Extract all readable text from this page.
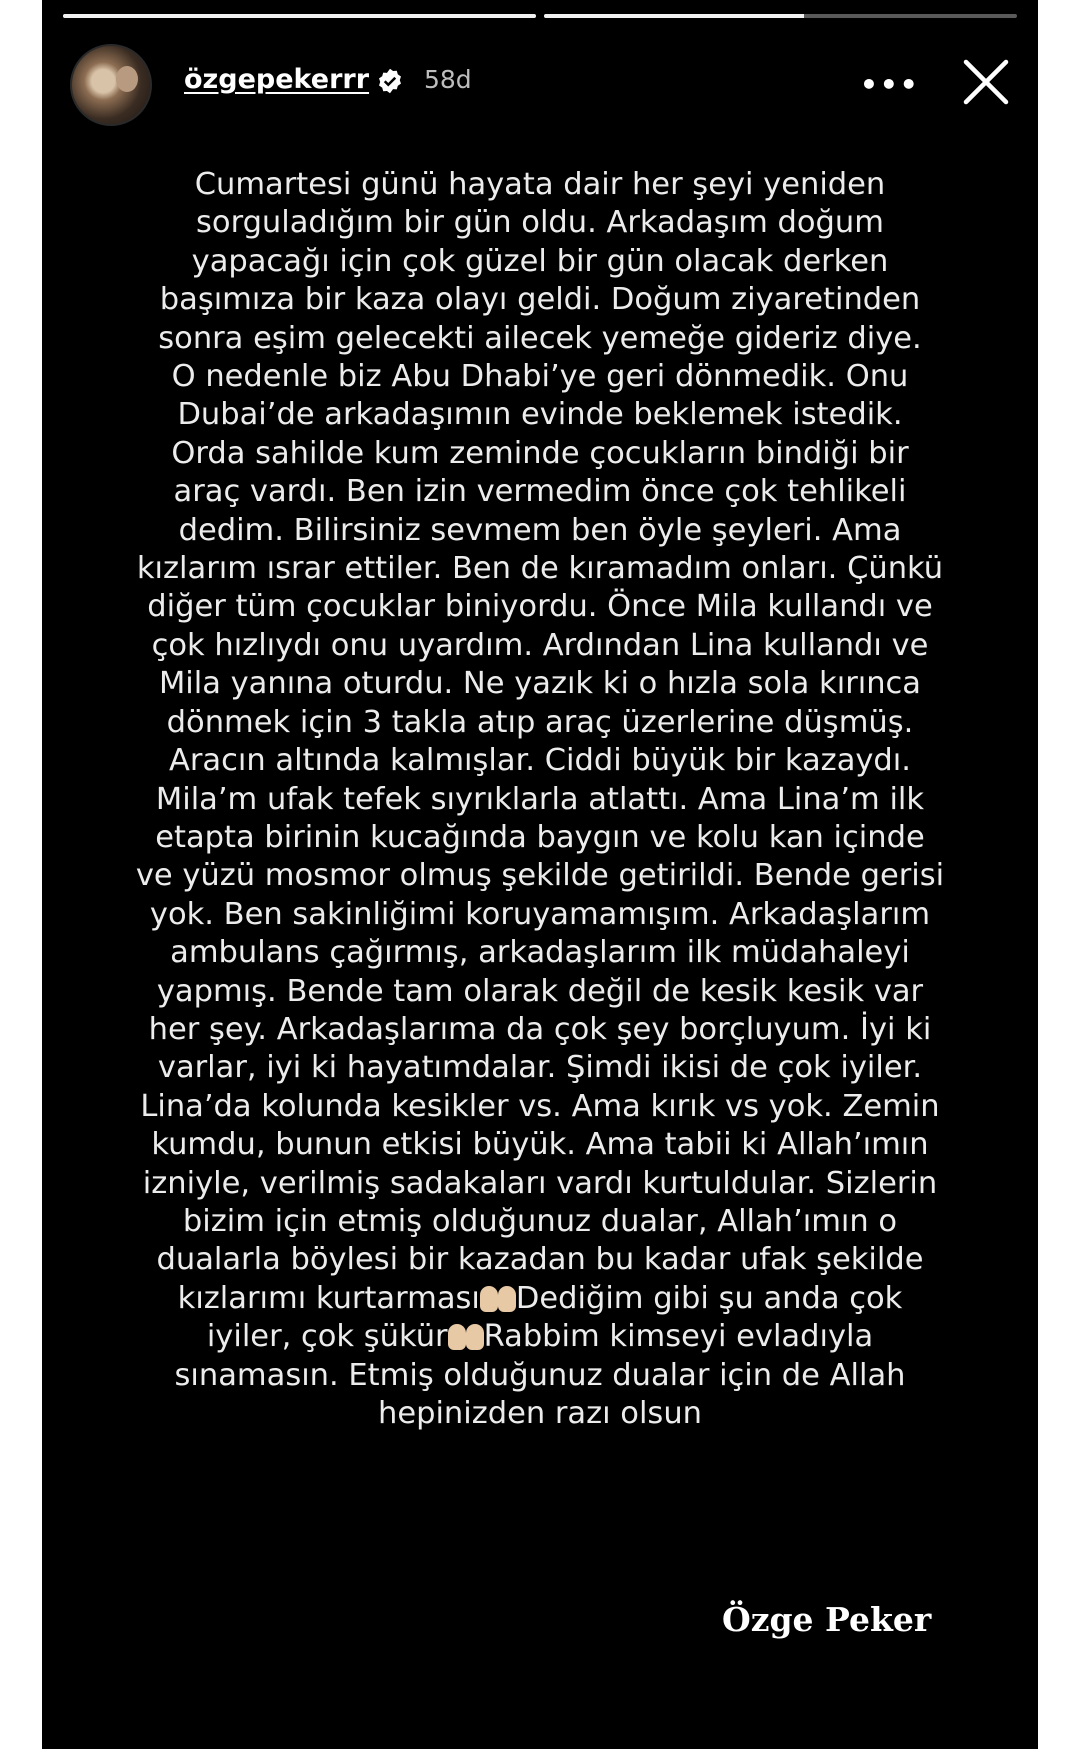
özgepekerrr 58d	•••
Cumartesi günü hayata dair her şeyi yeniden
sorguladığım bir gün oldu. Arkadaşım doğum
yapacağı için çok güzel bir gün olacak derken
başımıza bir kaza olayı geldi. Doğum ziyaretinden
sonra eşim gelecekti ailecek yemeğe gideriz diye.
O nedenle biz Abu Dhabi’ye geri dönmedik. Onu
Dubai’de arkadaşımın evinde beklemek istedik.
Orda sahilde kum zeminde çocukların bindiği bir
araç vardı. Ben izin vermedim önce çok tehlikeli
dedim. Bilirsiniz sevmem ben öyle şeyleri. Ama
kızlarım ısrar ettiler. Ben de kıramadım onları. Çünkü
diğer tüm çocuklar biniyordu. Önce Mila kullandı ve
çok hızlıydı onu uyardım. Ardından Lina kullandı ve
Mila yanına oturdu. Ne yazık ki o hızla sola kırınca
dönmek için 3 takla atıp araç üzerlerine düşmüş.
Aracın altında kalmışlar. Ciddi büyük bir kazaydı.
Mila’m ufak tefek sıyrıklarla atlattı. Ama Lina’m ilk
etapta birinin kucağında baygın ve kolu kan içinde
ve yüzü mosmor olmuş şekilde getirildi. Bende gerisi
yok. Ben sakinliğimi koruyamamışım. Arkadaşlarım
ambulans çağırmış, arkadaşlarım ilk müdahaleyi
yapmış. Bende tam olarak değil de kesik kesik var
her şey. Arkadaşlarıma da çok şey borçluyum. İyi ki
varlar, iyi ki hayatımdalar. Şimdi ikisi de çok iyiler.
Lina’da kolunda kesikler vs. Ama kırık vs yok. Zemin
kumdu, bunun etkisi büyük. Ama tabii ki Allah’ımın
izniyle, verilmiş sadakaları vardı kurtuldular. Sizlerin
bizim için etmiş olduğunuz dualar, Allah’ımın o
dualarla böylesi bir kazadan bu kadar ufak şekilde
kızlarımı kurtarması Dediğim gibi şu anda çok
iyiler, çok şükür Rabbim kimseyi evladıyla
sınamasın. Etmiş olduğunuz dualar için de Allah
hepinizden razı olsun
Özge Peker
